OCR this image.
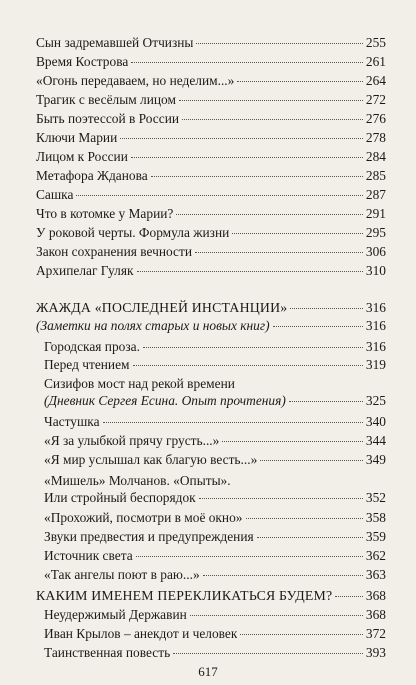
Сын задремавшей Отчизны	255
Время Кострова	261
«Огонь передаваем, но неделим...»	264
Трагик с весёлым лицом	272
Быть поэтессой в России	276
Ключи Марии	278
Лицом к России	284
Метафора Жданова	285
Сашка	287
Что в котомке у Марии?	291
У роковой черты. Формула жизни	295
Закон сохранения вечности	306
Архипелаг Гуляк	310
ЖАЖДА «ПОСЛЕДНЕЙ ИНСТАНЦИИ»	316
(Заметки на полях старых и новых книг)	316
Городская проза.	316
Перед чтением	319
Сизифов мост над рекой времени
(Дневник Сергея Есина. Опыт прочтения)	325
Частушка	340
«Я за улыбкой прячу грусть...»	344
«Я мир услышал как благую весть...»	349
«Мишель» Молчанов. «Опыты».
Или стройный беспорядок	352
«Прохожий, посмотри в моё окно»	358
Звуки предвестия и предупреждения	359
Источник света	362
«Так ангелы поют в раю...»	363
КАКИМ ИМЕНЕМ ПЕРЕКЛИКАТЬСЯ БУДЕМ?	368
Неудержимый Державин	368
Иван Крылов – анекдот и человек	372
Таинственная повесть	393
617
